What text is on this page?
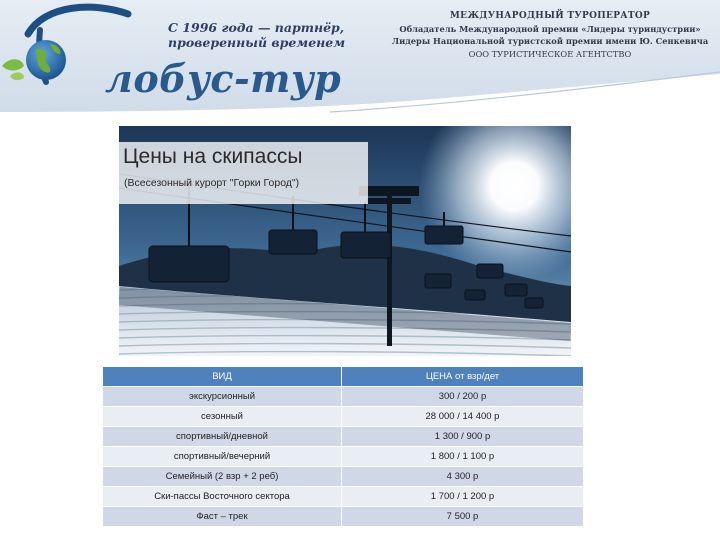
С 1996 года — партнёр,
проверенный временем
лобус-тур
МЕЖДУНАРОДНЫЙ ТУРОПЕРАТОР
Обладатель Международной премии «Лидеры туриндустрии»
Лидеры Национальной туристской премии имени Ю. Сенкевича
ООО ТУРИСТИЧЕСКОЕ АГЕНТСТВО
Цены на скипассы
(Всесезонный курорт "Горки Город")
ВИД	ЦЕНА от взр/дет
экскурсионный	300 / 200 р
сезонный	28 000 / 14 400 р
спортивный/дневной	1 300 / 900 р
спортивный/вечерний	1 800 / 1 100 р
Семейный (2 взр + 2 реб)	4 300 р
Ски-пассы Восточного сектора	1 700 / 1 200 р
Фаст – трек	7 500 р
